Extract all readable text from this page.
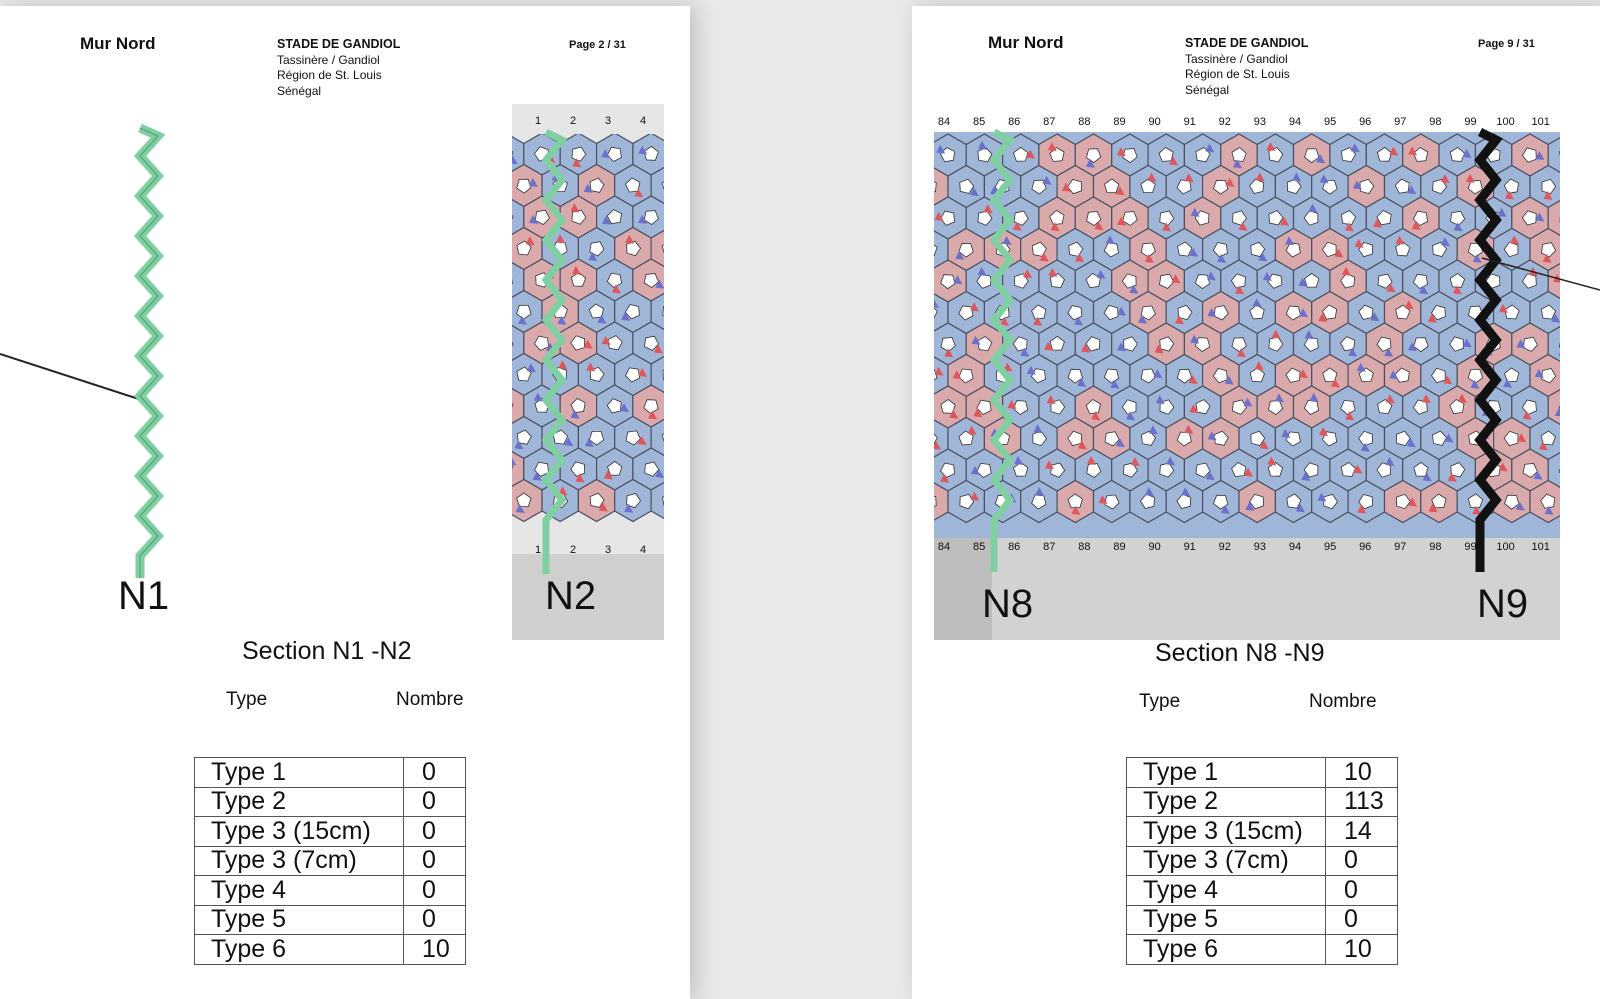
Mur Nord	STADE DE GANDIOL
Tassinère / Gandiol
Région de St. Louis
Sénégal
Page 2 / 31
1	2	3	4
1	2	3	4
N1	N2
Section N1 -N2
Type	Nombre
Type 1	0
Type 2	0
Type 3 (15cm)	0
Type 3 (7cm)	0
Type 4	0
Type 5	0
Type 6	10
Mur Nord	STADE DE GANDIOL
Tassinère / Gandiol
Région de St. Louis
Sénégal
Page 9 / 31
84 85 86 87 88 89 90 91 92 93 94 95 96 97 98 99 100 101
84 85 86 87 88 89 90 91 92 93 94 95 96 97 98 99 100 101
N8	N9
Section N8 -N9
Type	Nombre
Type 1	10
Type 2	113
Type 3 (15cm)	14
Type 3 (7cm)	0
Type 4	0
Type 5	0
Type 6	10
